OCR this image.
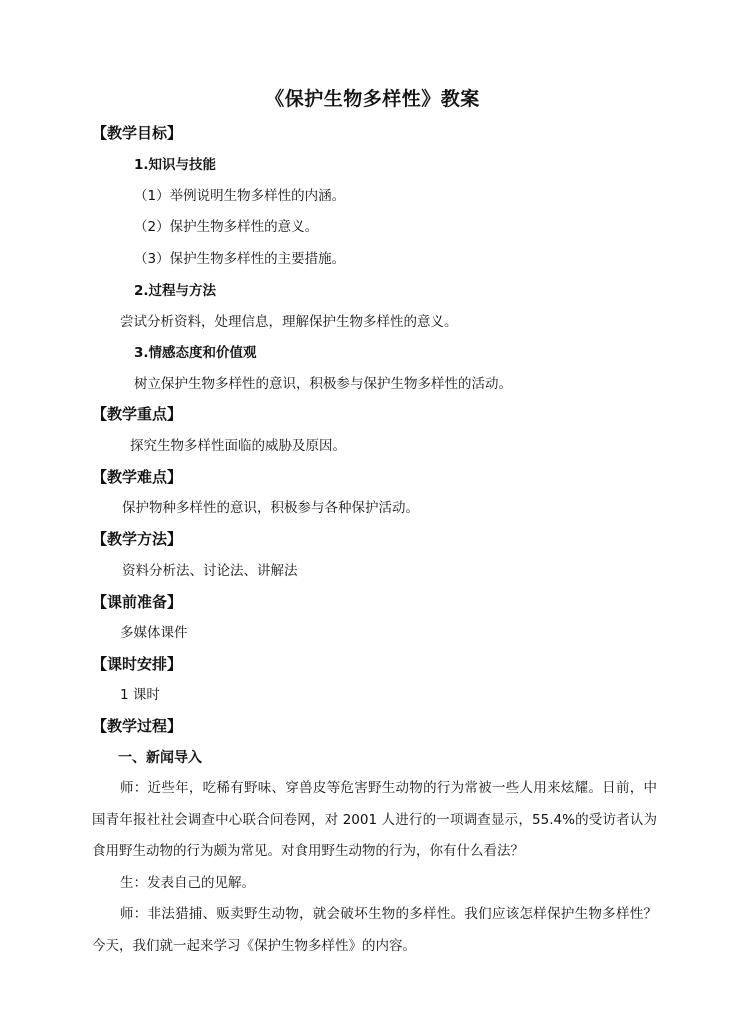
《保护生物多样性》教案
【教学目标】
1.知识与技能
（1）举例说明生物多样性的内涵。
（2）保护生物多样性的意义。
（3）保护生物多样性的主要措施。
2.过程与方法
尝试分析资料，处理信息，理解保护生物多样性的意义。
3.情感态度和价值观
树立保护生物多样性的意识，积极参与保护生物多样性的活动。
【教学重点】
探究生物多样性面临的威胁及原因。
【教学难点】
保护物种多样性的意识，积极参与各种保护活动。
【教学方法】
资料分析法、讨论法、讲解法
【课前准备】
多媒体课件
【课时安排】
1 课时
【教学过程】
一、新闻导入
师：近些年，吃稀有野味、穿兽皮等危害野生动物的行为常被一些人用来炫耀。日前，中国青年报社社会调查中心联合问卷网，对 2001 人进行的一项调查显示，55.4%的受访者认为食用野生动物的行为颇为常见。对食用野生动物的行为，你有什么看法？
生：发表自己的见解。
师：非法猎捕、贩卖野生动物，就会破坏生物的多样性。我们应该怎样保护生物多样性？今天，我们就一起来学习《保护生物多样性》的内容。
